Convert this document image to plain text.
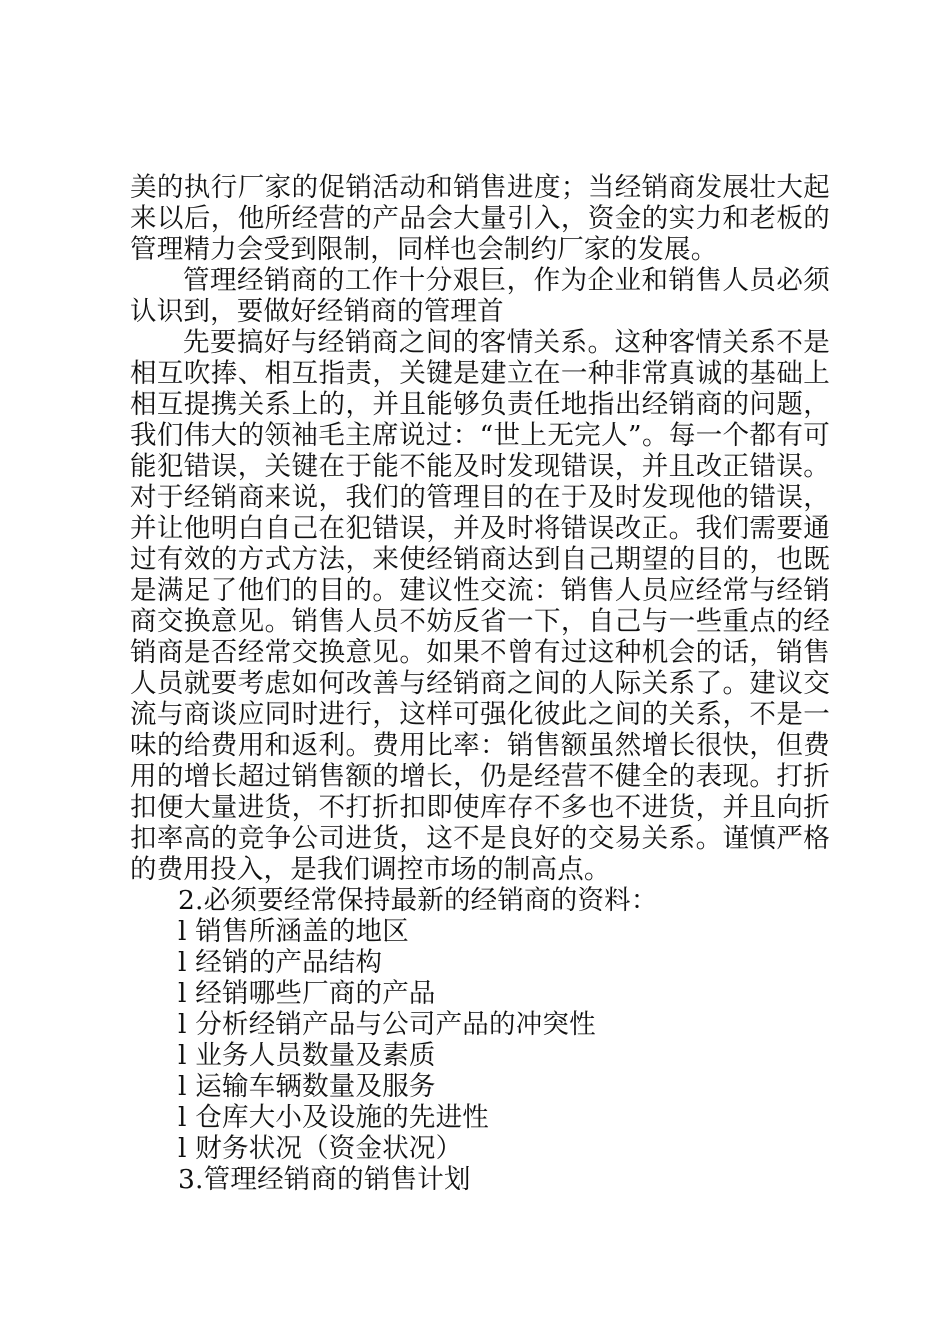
美的执行厂家的促销活动和销售进度；当经销商发展壮大起来以后，他所经营的产品会大量引入，资金的实力和老板的管理精力会受到限制，同样也会制约厂家的发展。

管理经销商的工作十分艰巨，作为企业和销售人员必须认识到，要做好经销商的管理首

先要搞好与经销商之间的客情关系。这种客情关系不是相互吹捧、相互指责，关键是建立在一种非常真诚的基础上相互提携关系上的，并且能够负责任地指出经销商的问题，我们伟大的领袖毛主席说过：“世上无完人”。每一个都有可能犯错误，关键在于能不能及时发现错误，并且改正错误。对于经销商来说，我们的管理目的在于及时发现他的错误，并让他明白自己在犯错误，并及时将错误改正。我们需要通过有效的方式方法，来使经销商达到自己期望的目的，也既是满足了他们的目的。建议性交流：销售人员应经常与经销商交换意见。销售人员不妨反省一下，自己与一些重点的经销商是否经常交换意见。如果不曾有过这种机会的话，销售人员就要考虑如何改善与经销商之间的人际关系了。建议交流与商谈应同时进行，这样可强化彼此之间的关系，不是一味的给费用和返利。费用比率：销售额虽然增长很快，但费用的增长超过销售额的增长，仍是经营不健全的表现。打折扣便大量进货，不打折扣即使库存不多也不进货，并且向折扣率高的竞争公司进货，这不是良好的交易关系。谨慎严格的费用投入，是我们调控市场的制高点。

2.必须要经常保持最新的经销商的资料：

l 销售所涵盖的地区

l 经销的产品结构

l 经销哪些厂商的产品

l 分析经销产品与公司产品的冲突性

l 业务人员数量及素质

l 运输车辆数量及服务

l 仓库大小及设施的先进性

l 财务状况（资金状况）

3.管理经销商的销售计划
